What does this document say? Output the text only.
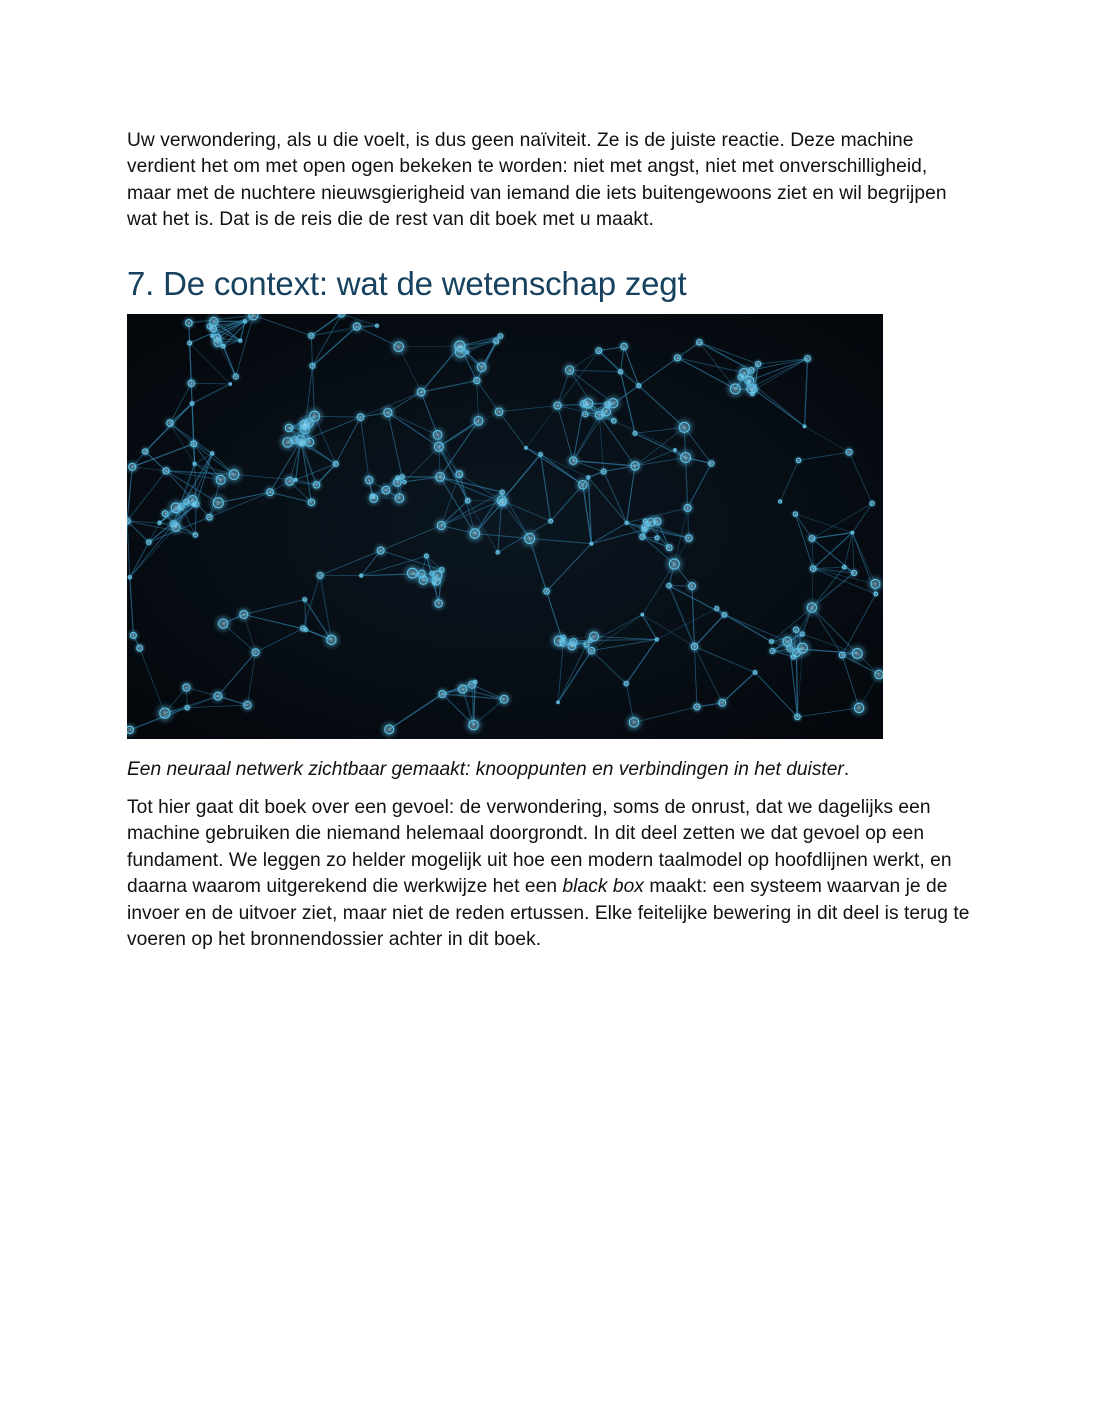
Uw verwondering, als u die voelt, is dus geen naïviteit. Ze is de juiste reactie. Deze machine verdient het om met open ogen bekeken te worden: niet met angst, niet met onverschilligheid, maar met de nuchtere nieuwsgierigheid van iemand die iets buitengewoons ziet en wil begrijpen wat het is. Dat is de reis die de rest van dit boek met u maakt.

7. De context: wat de wetenschap zegt

Een neuraal netwerk zichtbaar gemaakt: knooppunten en verbindingen in het duister.

Tot hier gaat dit boek over een gevoel: de verwondering, soms de onrust, dat we dagelijks een machine gebruiken die niemand helemaal doorgrondt. In dit deel zetten we dat gevoel op een fundament. We leggen zo helder mogelijk uit hoe een modern taalmodel op hoofdlijnen werkt, en daarna waarom uitgerekend die werkwijze het een black box maakt: een systeem waarvan je de invoer en de uitvoer ziet, maar niet de reden ertussen. Elke feitelijke bewering in dit deel is terug te voeren op het bronnendossier achter in dit boek.
